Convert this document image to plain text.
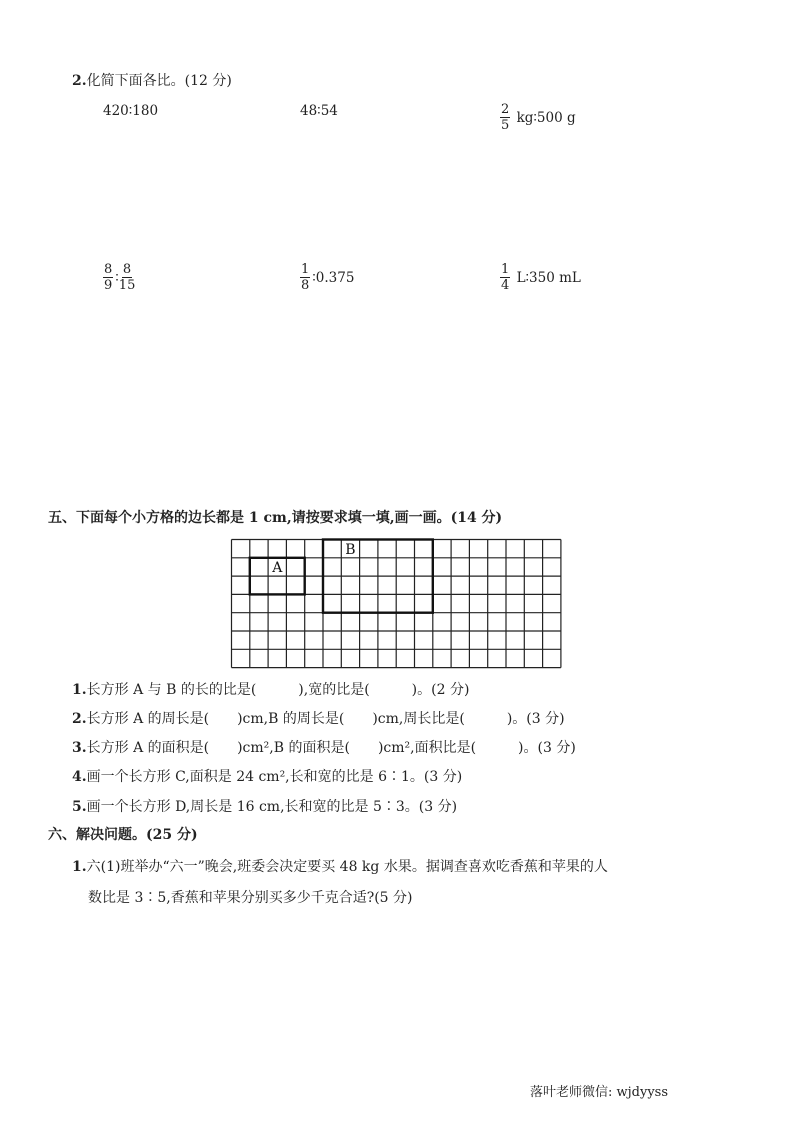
2.化简下面各比。(12 分)
420∶180	48∶54	$\frac{2}{5}$ kg∶500 g
$\frac{8}{9}$ ∶ $\frac{8}{15}$	$\frac{1}{8}$ ∶0.375	$\frac{1}{4}$ L∶350 mL
五、下面每个小方格的边长都是 1 cm,请按要求填一填,画一画。(14 分)
A
B
1.长方形 A 与 B 的长的比是(　　　),宽的比是(　　　)。(2 分)
2.长方形 A 的周长是(　　)cm,B 的周长是(　　)cm,周长比是(　　　)。(3 分)
3.长方形 A 的面积是(　　)cm²,B 的面积是(　　)cm²,面积比是(　　　)。(3 分)
4.画一个长方形 C,面积是 24 cm²,长和宽的比是 6∶1。(3 分)
5.画一个长方形 D,周长是 16 cm,长和宽的比是 5∶3。(3 分)
六、解决问题。(25 分)
1.六(1)班举办“六一”晚会,班委会决定要买 48 kg 水果。据调查喜欢吃香蕉和苹果的人
数比是 3∶5,香蕉和苹果分别买多少千克合适?(5 分)
落叶老师微信: wjdyyss
